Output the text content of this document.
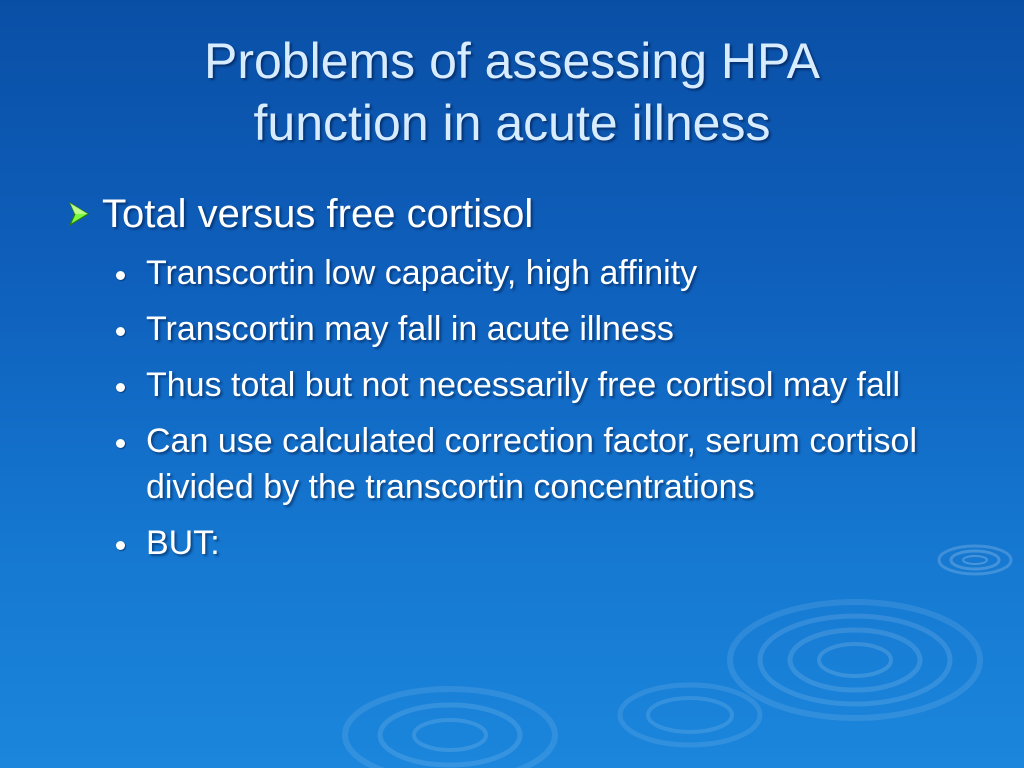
Problems of assessing HPA
function in acute illness
Total versus free cortisol
Transcortin low capacity, high affinity
Transcortin may fall in acute illness
Thus total but not necessarily free cortisol may fall
Can use calculated correction factor, serum cortisol divided by the transcortin concentrations
BUT:
